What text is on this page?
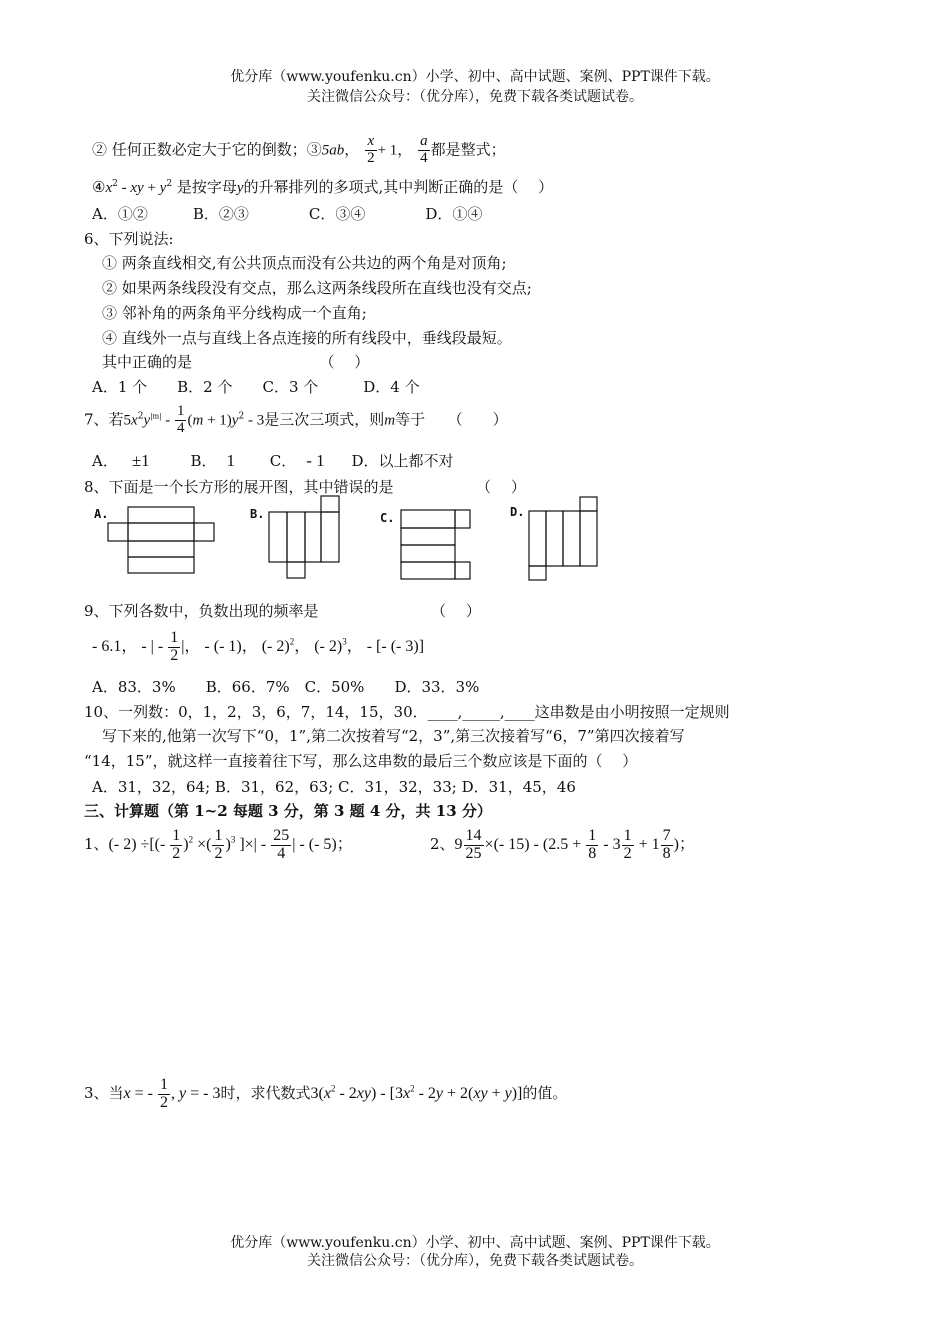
优分库（www.youfenku.cn）小学、初中、高中试题、案例、PPT课件下载。
关注微信公众号：（优分库），免费下载各类试题试卷。
② 任何正数必定大于它的倒数；③5ab， $\frac{x}{2} + 1$， $\frac{a}{4}$ 都是整式；
$④x^2$ - xy + $y^2$ 是按字母y的升幂排列的多项式,其中判断正确的是（　 ）
A．①②　　　B．②③　　　　C．③④　　　　D．①④
6、下列说法:
① 两条直线相交,有公共顶点而没有公共边的两个角是对顶角;
② 如果两条线段没有交点，那么这两条线段所在直线也没有交点;
③ 邻补角的两条角平分线构成一个直角;
④ 直线外一点与直线上各点连接的所有线段中，垂线段最短。
其中正确的是　　　　　　　　　（　 ）
A．1 个　　B．2 个　　C．3 个　　　D．4 个
7、若$5x^2y^{|m|} - \frac{1}{4} (m + 1)y^2 - 3$是三次三项式，则m等于　　（　　）
A． ±1	B． 1 C． - 1 D．以上都不对
8、下面是一个长方形的展开图，其中错误的是　　　　　　（　 ）
A.	B.	C.	D.
9、下列各数中，负数出现的频率是　　　　　　　　（　 ）
- 6.1， - | - $\frac{1}{2}$ |， - (- 1)， (- 2)$^2$， (- 2)$^3$， - [- (- 3)]
A．83．3%　　B．66．7%　C．50%　　D．33．3%
10、一列数：0，1，2，3，6，7，14，15，30．____,_____,____这串数是由小明按照一定规则
写下来的,他第一次写下“0，1”,第二次按着写“2，3”,第三次接着写“6，7”第四次接着写
“14，15”，就这样一直接着往下写，那么这串数的最后三个数应该是下面的（　 ）
A．31，32，64; B．31，62，63; C．31，32，33; D．31，45，46
三、计算题（第 1~2 每题 3 分，第 3 题 4 分，共 13 分）
1、(- 2) ÷[(- $\frac{1}{2} )^2$ ×( $\frac{1}{2} )^3$ ]×| - $\frac{25}{4}$ | - (- 5)；	2、$9 \frac{14}{25}$ ×(- $15) - (2.5 + \frac{1}{8} - 3 \frac{1}{2} + 1 \frac{7}{8}$ )；
3、当x = - $\frac{1}{2}$ , y = - 3时，求代数式$3(x^2 - 2xy) - [3x^2 - 2y + 2(xy + y)]$的值。
优分库（www.youfenku.cn）小学、初中、高中试题、案例、PPT课件下载。
关注微信公众号：（优分库），免费下载各类试题试卷。
